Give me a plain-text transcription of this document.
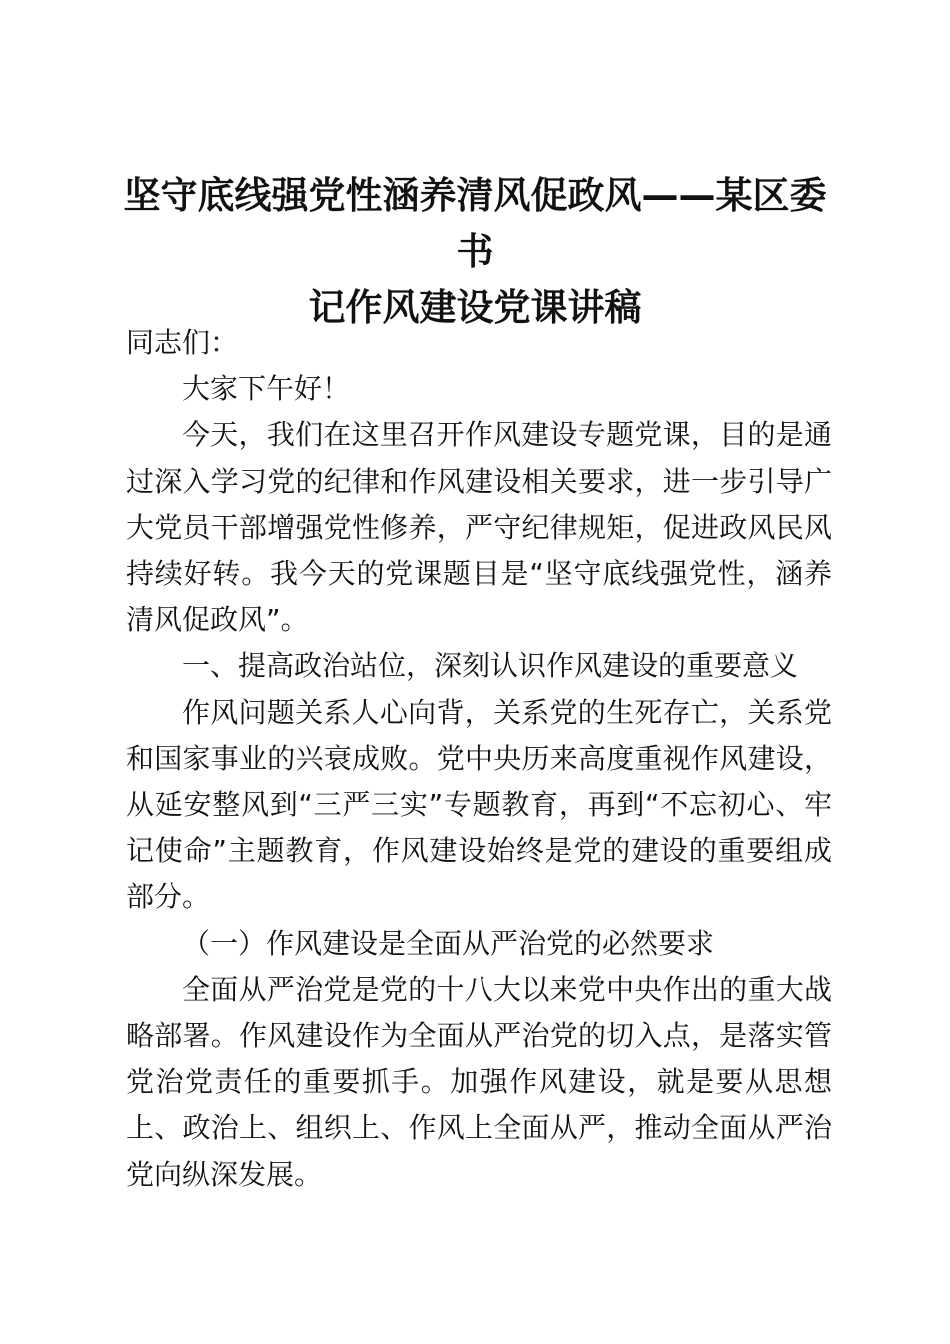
坚守底线强党性涵养清风促政风——某区委书
记作风建设党课讲稿

同志们：

大家下午好！

今天，我们在这里召开作风建设专题党课，目的是通过深入学习党的纪律和作风建设相关要求，进一步引导广大党员干部增强党性修养，严守纪律规矩，促进政风民风持续好转。我今天的党课题目是“坚守底线强党性，涵养清风促政风”。

一、提高政治站位，深刻认识作风建设的重要意义

作风问题关系人心向背，关系党的生死存亡，关系党和国家事业的兴衰成败。党中央历来高度重视作风建设，从延安整风到“三严三实”专题教育，再到“不忘初心、牢记使命”主题教育，作风建设始终是党的建设的重要组成部分。

（一）作风建设是全面从严治党的必然要求

全面从严治党是党的十八大以来党中央作出的重大战略部署。作风建设作为全面从严治党的切入点，是落实管党治党责任的重要抓手。加强作风建设，就是要从思想上、政治上、组织上、作风上全面从严，推动全面从严治党向纵深发展。
